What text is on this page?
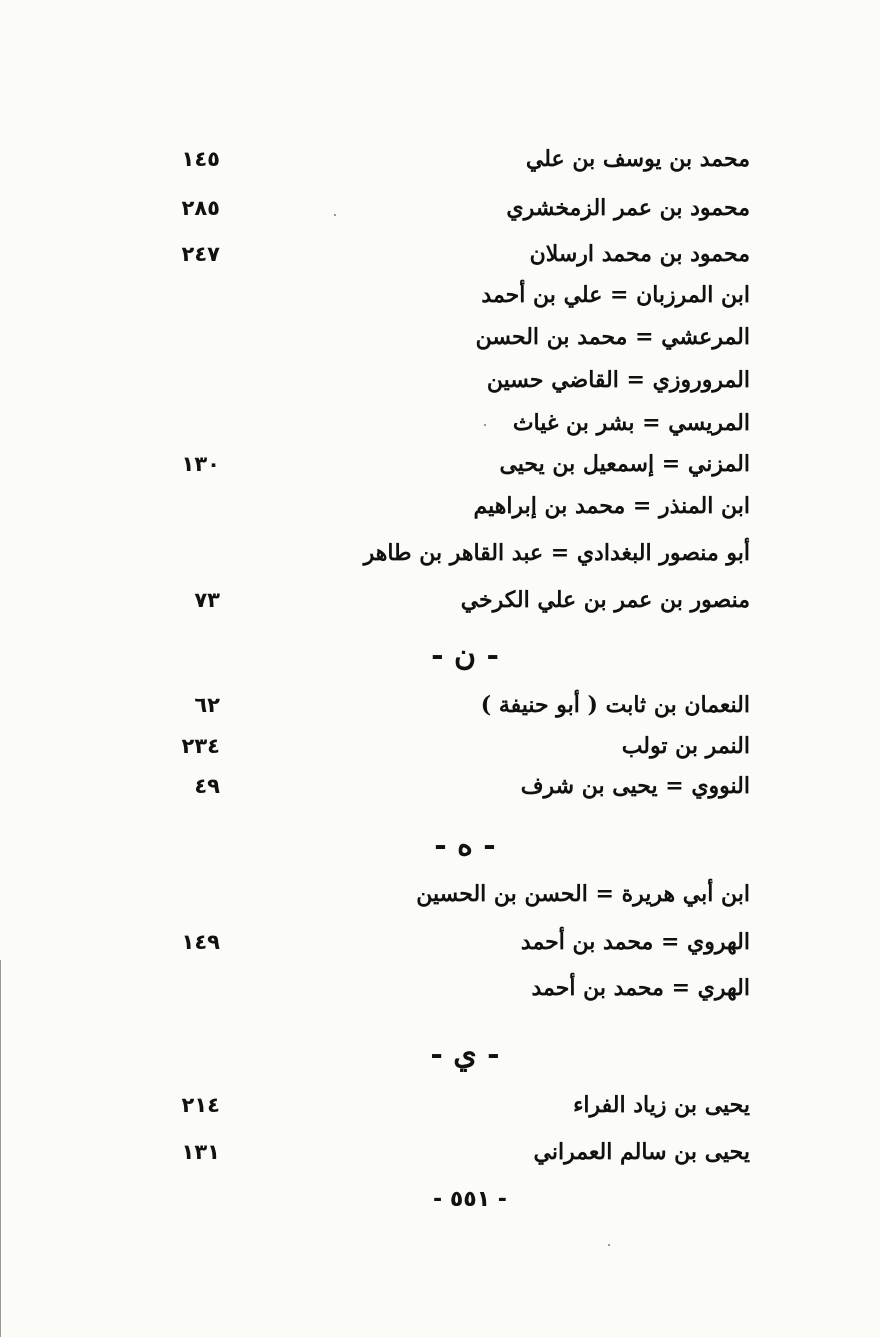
محمد بن يوسف بن علي
١٤٥
محمود بن عمر الزمخشري
٢٨٥
محمود بن محمد ارسلان
٢٤٧
ابن المرزبان = علي بن أحمد
المرعشي = محمد بن الحسن
المروروزي = القاضي حسين
المريسي = بشر بن غياث
المزني = إسمعيل بن يحيى
١٣٠
ابن المنذر = محمد بن إبراهيم
أبو منصور البغدادي = عبد القاهر بن طاهر
منصور بن عمر بن علي الكرخي
٧٣
- ن -
النعمان بن ثابت ( أبو حنيفة )
٦٢
النمر بن تولب
٢٣٤
النووي = يحيى بن شرف
٤٩
- ه -
ابن أبي هريرة = الحسن بن الحسين
الهروي = محمد بن أحمد
١٤٩
الهري = محمد بن أحمد
- ي -
يحيى بن زياد الفراء
٢١٤
يحيى بن سالم العمراني
١٣١
- ٥٥١ -
